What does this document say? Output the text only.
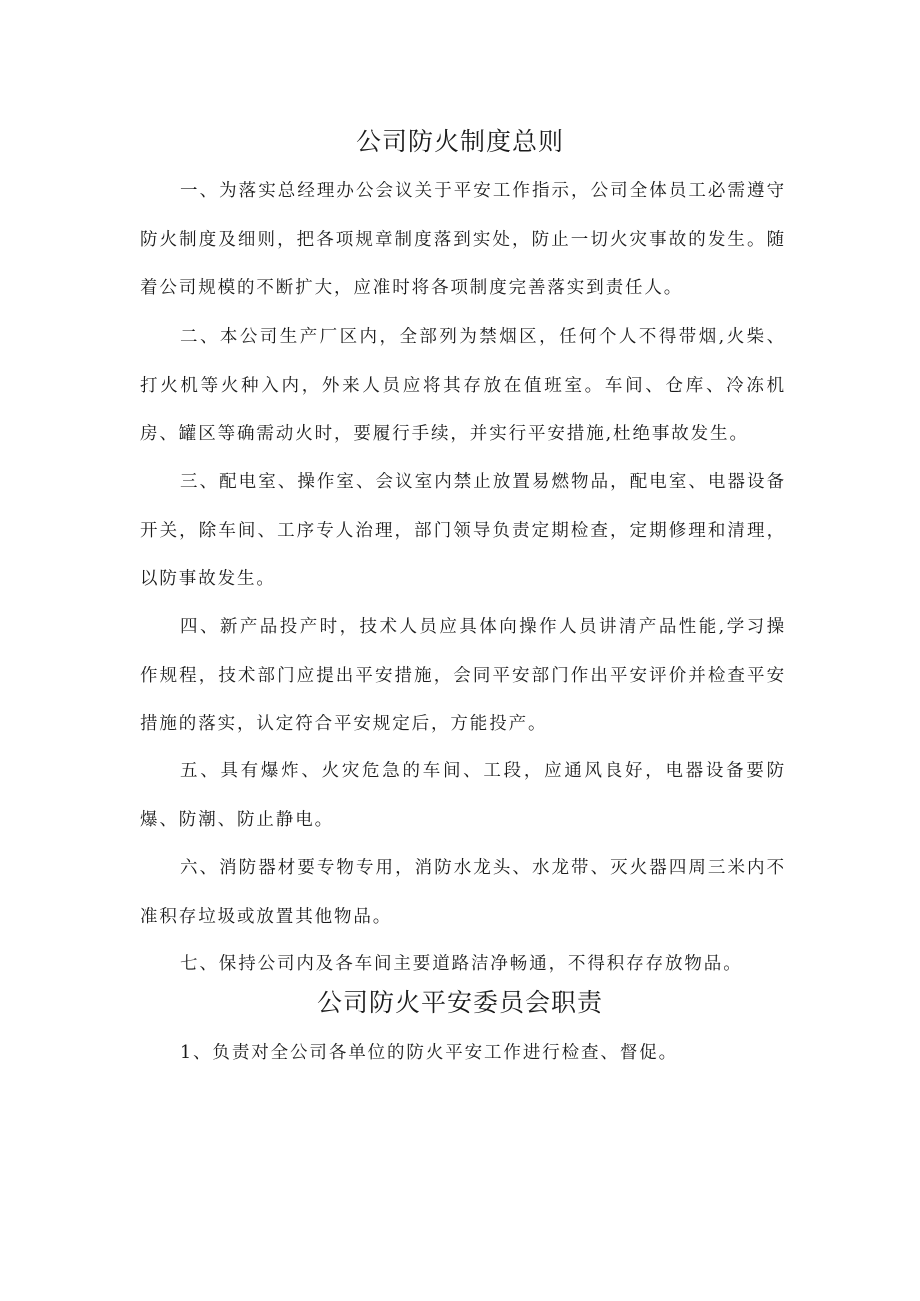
公司防火制度总则

一、为落实总经理办公会议关于平安工作指示，公司全体员工必需遵守防火制度及细则，把各项规章制度落到实处，防止一切火灾事故的发生。随着公司规模的不断扩大，应准时将各项制度完善落实到责任人。

二、本公司生产厂区内，全部列为禁烟区，任何个人不得带烟,火柴、打火机等火种入内，外来人员应将其存放在值班室。车间、仓库、冷冻机房、罐区等确需动火时，要履行手续，并实行平安措施,杜绝事故发生。

三、配电室、操作室、会议室内禁止放置易燃物品，配电室、电器设备开关，除车间、工序专人治理，部门领导负责定期检查，定期修理和清理，以防事故发生。

四、新产品投产时，技术人员应具体向操作人员讲清产品性能,学习操作规程，技术部门应提出平安措施，会同平安部门作出平安评价并检查平安措施的落实，认定符合平安规定后，方能投产。

五、具有爆炸、火灾危急的车间、工段，应通风良好，电器设备要防爆、防潮、防止静电。

六、消防器材要专物专用，消防水龙头、水龙带、灭火器四周三米内不准积存垃圾或放置其他物品。

七、保持公司内及各车间主要道路洁净畅通，不得积存存放物品。

公司防火平安委员会职责

1、负责对全公司各单位的防火平安工作进行检查、督促。
